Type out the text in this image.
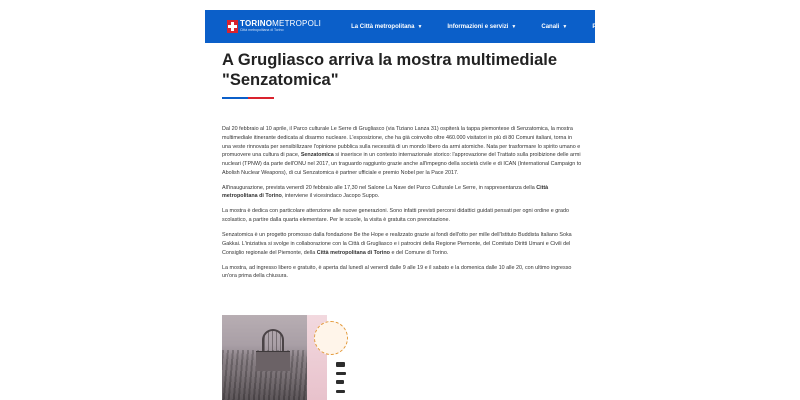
TORINOMETROPOLI
Città metropolitana di Torino
La Città metropolitana ▼	Informazioni e servizi ▼	Canali ▼	PNRR
A Grugliasco arriva la mostra multimediale "Senzatomica"

Dal 20 febbraio al 10 aprile, il Parco culturale Le Serre di Grugliasco (via Tiziano Lanza 31) ospiterà la tappa piemontese di Senzatomica, la mostra multimediale itinerante dedicata al disarmo nucleare. L'esposizione, che ha già coinvolto oltre 460.000 visitatori in più di 80 Comuni italiani, torna in una veste rinnovata per sensibilizzare l'opinione pubblica sulla necessità di un mondo libero da armi atomiche. Nata per trasformare lo spirito umano e promuovere una cultura di pace, Senzatomica si inserisce in un contesto internazionale storico: l'approvazione del Trattato sulla proibizione delle armi nucleari (TPNW) da parte dell'ONU nel 2017, un traguardo raggiunto grazie anche all'impegno della società civile e di ICAN (International Campaign to Abolish Nuclear Weapons), di cui Senzatomica è partner ufficiale e premio Nobel per la Pace 2017.

All'inaugurazione, prevista venerdì 20 febbraio alle 17,30 nel Salone La Nave del Parco Culturale Le Serre, in rappresentanza della Città metropolitana di Torino, interviene il vicesindaco Jacopo Suppo.

La mostra è dedica con particolare attenzione alle nuove generazioni. Sono infatti previsti percorsi didattici guidati pensati per ogni ordine e grado scolastico, a partire dalla quarta elementare. Per le scuole, la visita è gratuita con prenotazione.

Senzatomica è un progetto promosso dalla fondazione Be the Hope e realizzato grazie ai fondi dell'otto per mille dell'Istituto Buddista Italiano Soka Gakkai. L'iniziativa si svolge in collaborazione con la Città di Grugliasco e i patrocini della Regione Piemonte, del Comitato Diritti Umani e Civili del Consiglio regionale del Piemonte, della Città metropolitana di Torino e del Comune di Torino.

La mostra, ad ingresso libero e gratuito, è aperta dal lunedì al venerdì dalle 9 alle 19 e il sabato e la domenica dalle 10 alle 20, con ultimo ingresso un'ora prima della chiusura.
